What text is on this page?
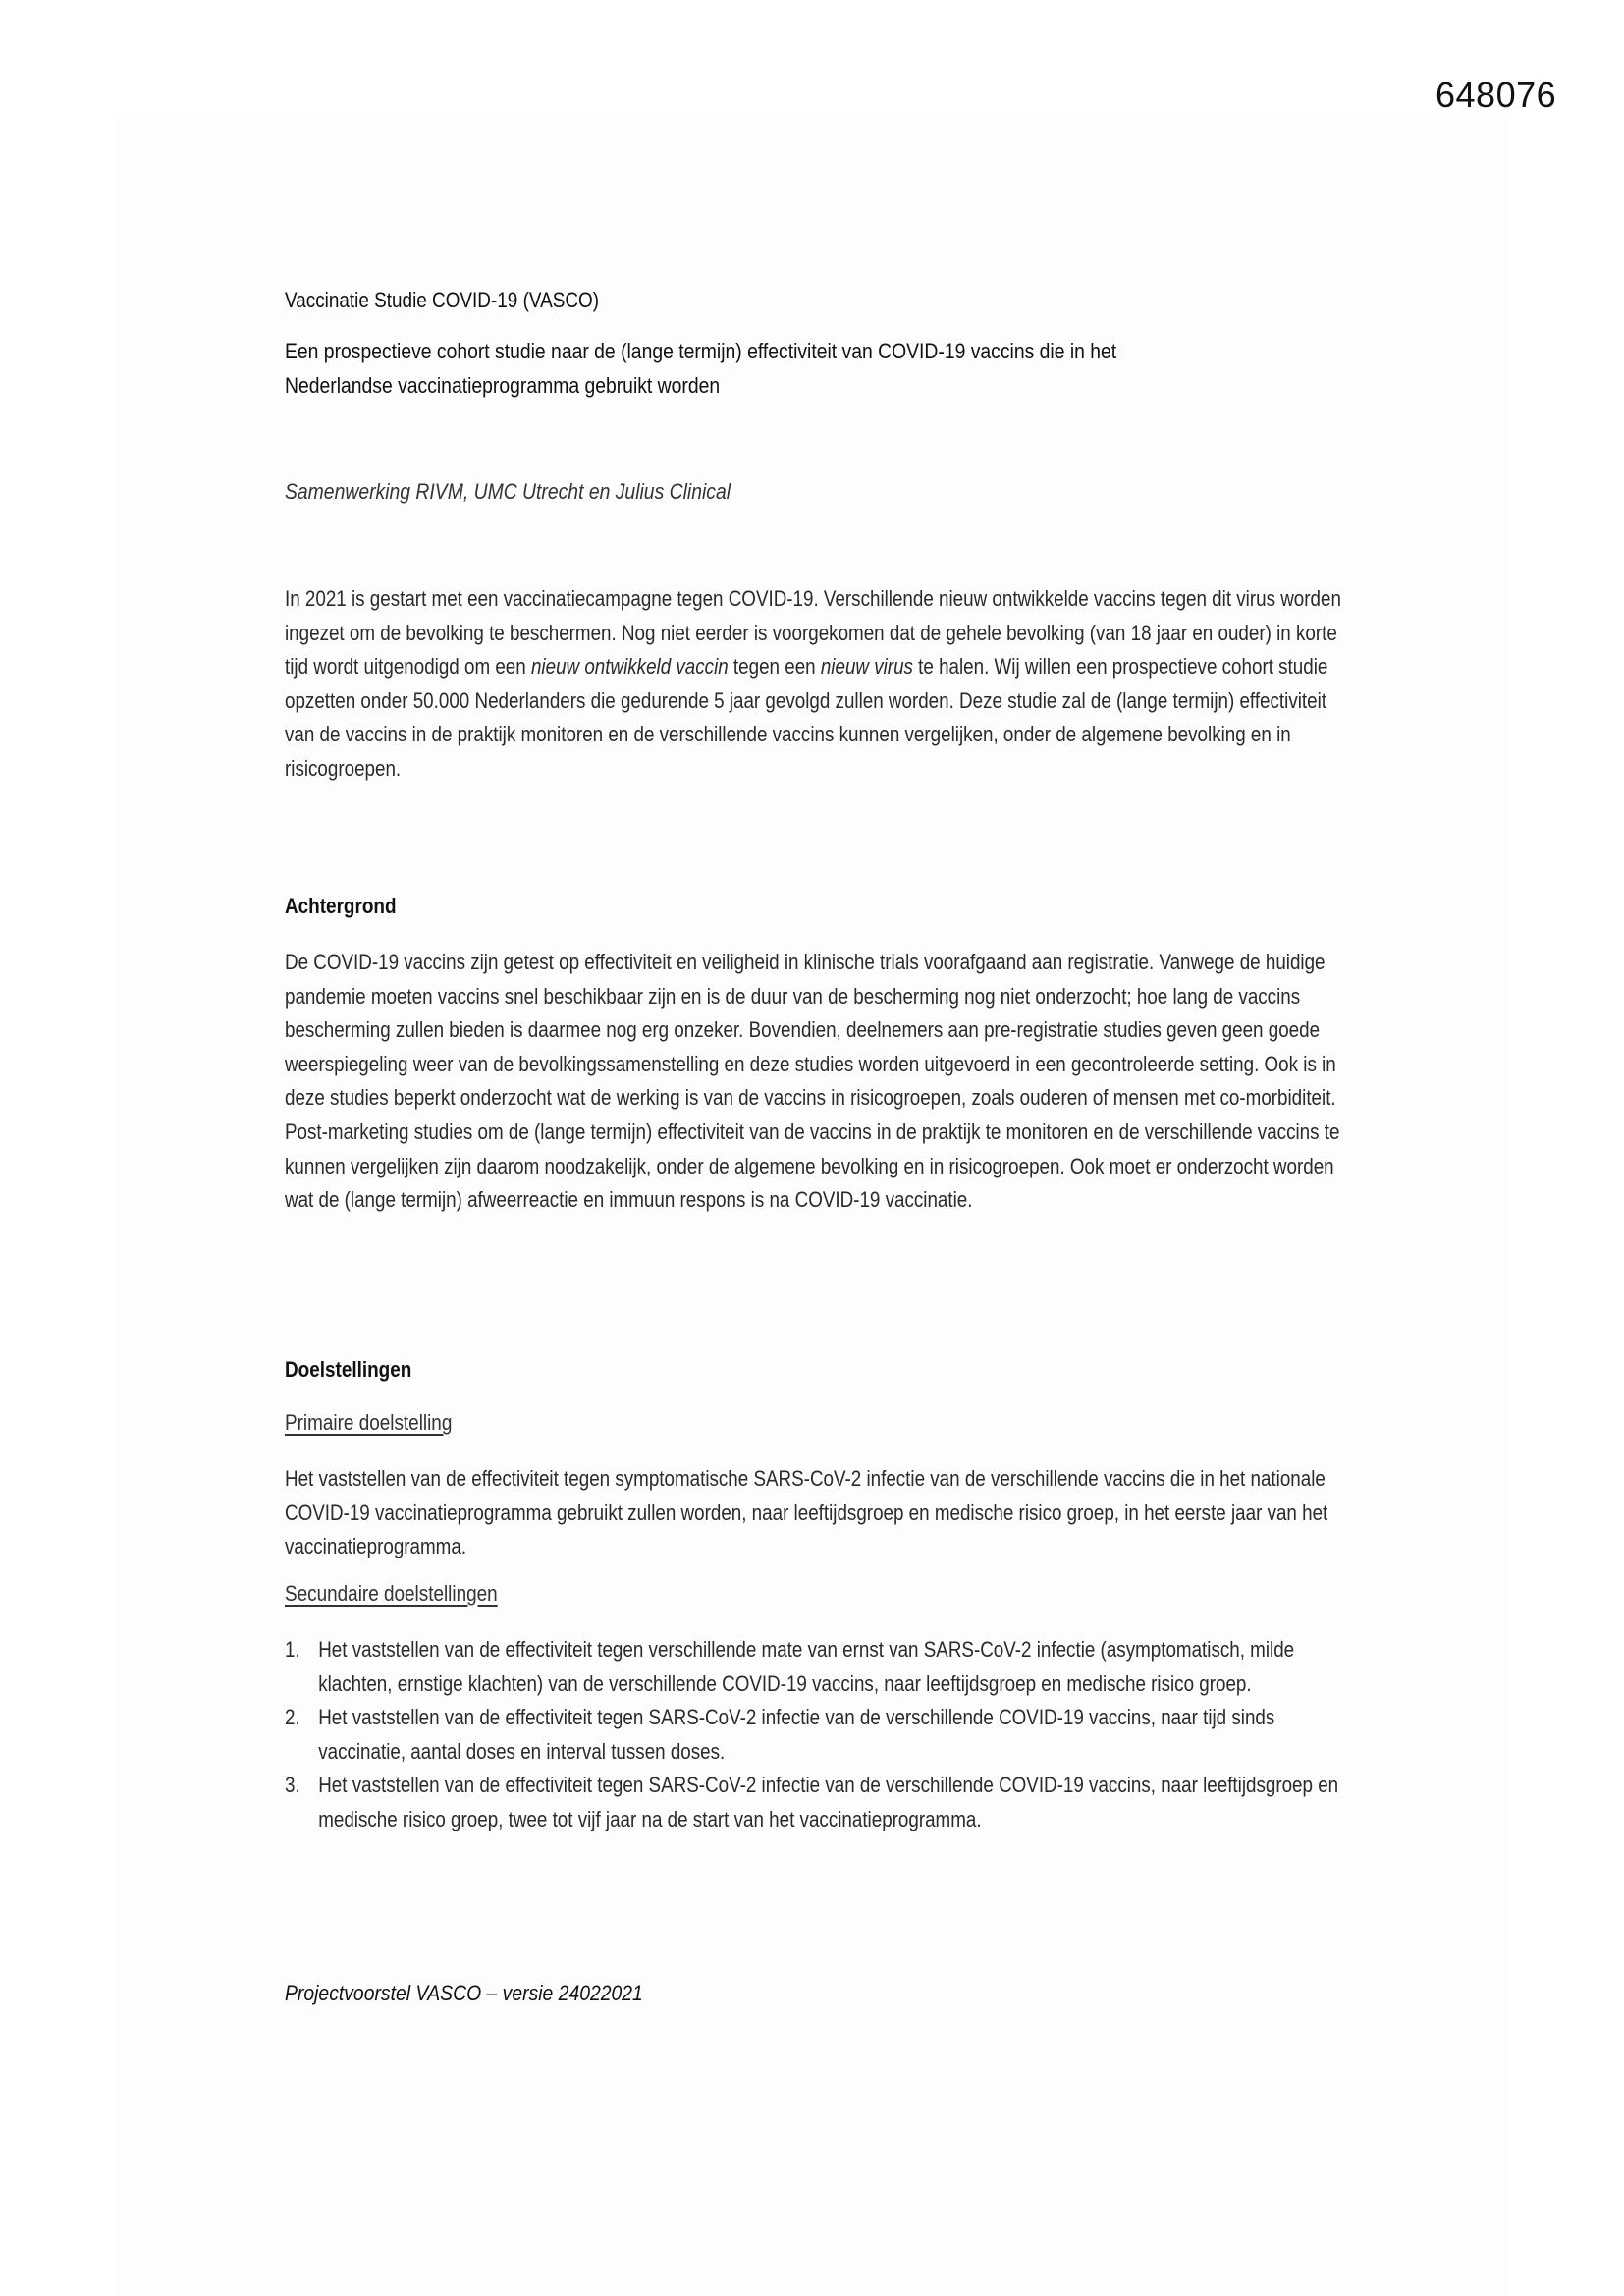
648076
Vaccinatie Studie COVID-19 (VASCO)
Een prospectieve cohort studie naar de (lange termijn) effectiviteit van COVID-19 vaccins die in het
Nederlandse vaccinatieprogramma gebruikt worden
Samenwerking RIVM, UMC Utrecht en Julius Clinical
In 2021 is gestart met een vaccinatiecampagne tegen COVID-19. Verschillende nieuw ontwikkelde vaccins tegen dit virus worden ingezet om de bevolking te beschermen. Nog niet eerder is voorgekomen dat de gehele bevolking (van 18 jaar en ouder) in korte tijd wordt uitgenodigd om een nieuw ontwikkeld vaccin tegen een nieuw virus te halen. Wij willen een prospectieve cohort studie opzetten onder 50.000 Nederlanders die gedurende 5 jaar gevolgd zullen worden. Deze studie zal de (lange termijn) effectiviteit van de vaccins in de praktijk monitoren en de verschillende vaccins kunnen vergelijken, onder de algemene bevolking en in risicogroepen.
Achtergrond
De COVID-19 vaccins zijn getest op effectiviteit en veiligheid in klinische trials voorafgaand aan registratie. Vanwege de huidige pandemie moeten vaccins snel beschikbaar zijn en is de duur van de bescherming nog niet onderzocht; hoe lang de vaccins bescherming zullen bieden is daarmee nog erg onzeker. Bovendien, deelnemers aan pre-registratie studies geven geen goede weerspiegeling weer van de bevolkingssamenstelling en deze studies worden uitgevoerd in een gecontroleerde setting. Ook is in deze studies beperkt onderzocht wat de werking is van de vaccins in risicogroepen, zoals ouderen of mensen met co-morbiditeit. Post-marketing studies om de (lange termijn) effectiviteit van de vaccins in de praktijk te monitoren en de verschillende vaccins te kunnen vergelijken zijn daarom noodzakelijk, onder de algemene bevolking en in risicogroepen. Ook moet er onderzocht worden wat de (lange termijn) afweerreactie en immuun respons is na COVID-19 vaccinatie.
Doelstellingen
Primaire doelstelling
Het vaststellen van de effectiviteit tegen symptomatische SARS-CoV-2 infectie van de verschillende vaccins die in het nationale COVID-19 vaccinatieprogramma gebruikt zullen worden, naar leeftijdsgroep en medische risico groep, in het eerste jaar van het vaccinatieprogramma.
Secundaire doelstellingen
1. Het vaststellen van de effectiviteit tegen verschillende mate van ernst van SARS-CoV-2 infectie (asymptomatisch, milde klachten, ernstige klachten) van de verschillende COVID-19 vaccins, naar leeftijdsgroep en medische risico groep.
2. Het vaststellen van de effectiviteit tegen SARS-CoV-2 infectie van de verschillende COVID-19 vaccins, naar tijd sinds vaccinatie, aantal doses en interval tussen doses.
3. Het vaststellen van de effectiviteit tegen SARS-CoV-2 infectie van de verschillende COVID-19 vaccins, naar leeftijdsgroep en medische risico groep, twee tot vijf jaar na de start van het vaccinatieprogramma.
Projectvoorstel VASCO – versie 24022021
